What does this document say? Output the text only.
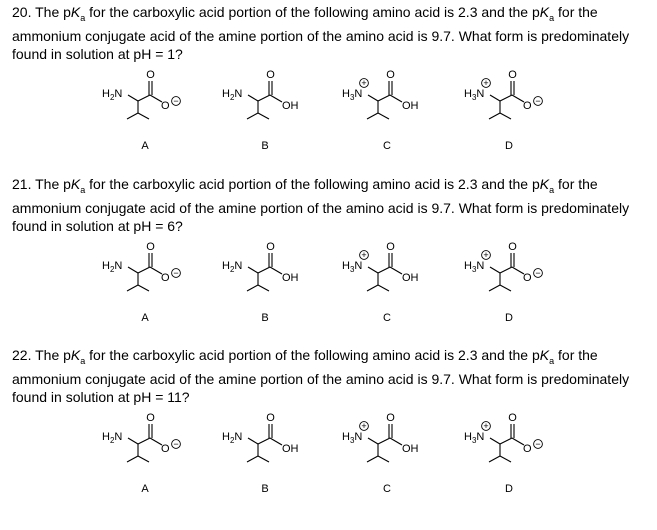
20. The $pK_a$ for the carboxylic acid portion of the following amino acid is 2.3 and the $pK_a$ for the ammonium conjugate acid of the amine portion of the amino acid is 9.7. What form is predominately found in solution at pH = 1?

$H_2N$
O
O −
A
$H_2N$
O
OH
B
$H_3N$
+
O
OH
C
$H_3N$
+
O
O −
D

21. The $pK_a$ for the carboxylic acid portion of the following amino acid is 2.3 and the $pK_a$ for the ammonium conjugate acid of the amine portion of the amino acid is 9.7. What form is predominately found in solution at pH = 6?

$H_2N$
O
O −
A
$H_2N$
O
OH
B
$H_3N$
+
O
OH
C
$H_3N$
+
O
O −
D

22. The $pK_a$ for the carboxylic acid portion of the following amino acid is 2.3 and the $pK_a$ for the ammonium conjugate acid of the amine portion of the amino acid is 9.7. What form is predominately found in solution at pH = 11?

$H_2N$
O
O −
A
$H_2N$
O
OH
B
$H_3N$
+
O
OH
C
$H_3N$
+
O
O −
D
